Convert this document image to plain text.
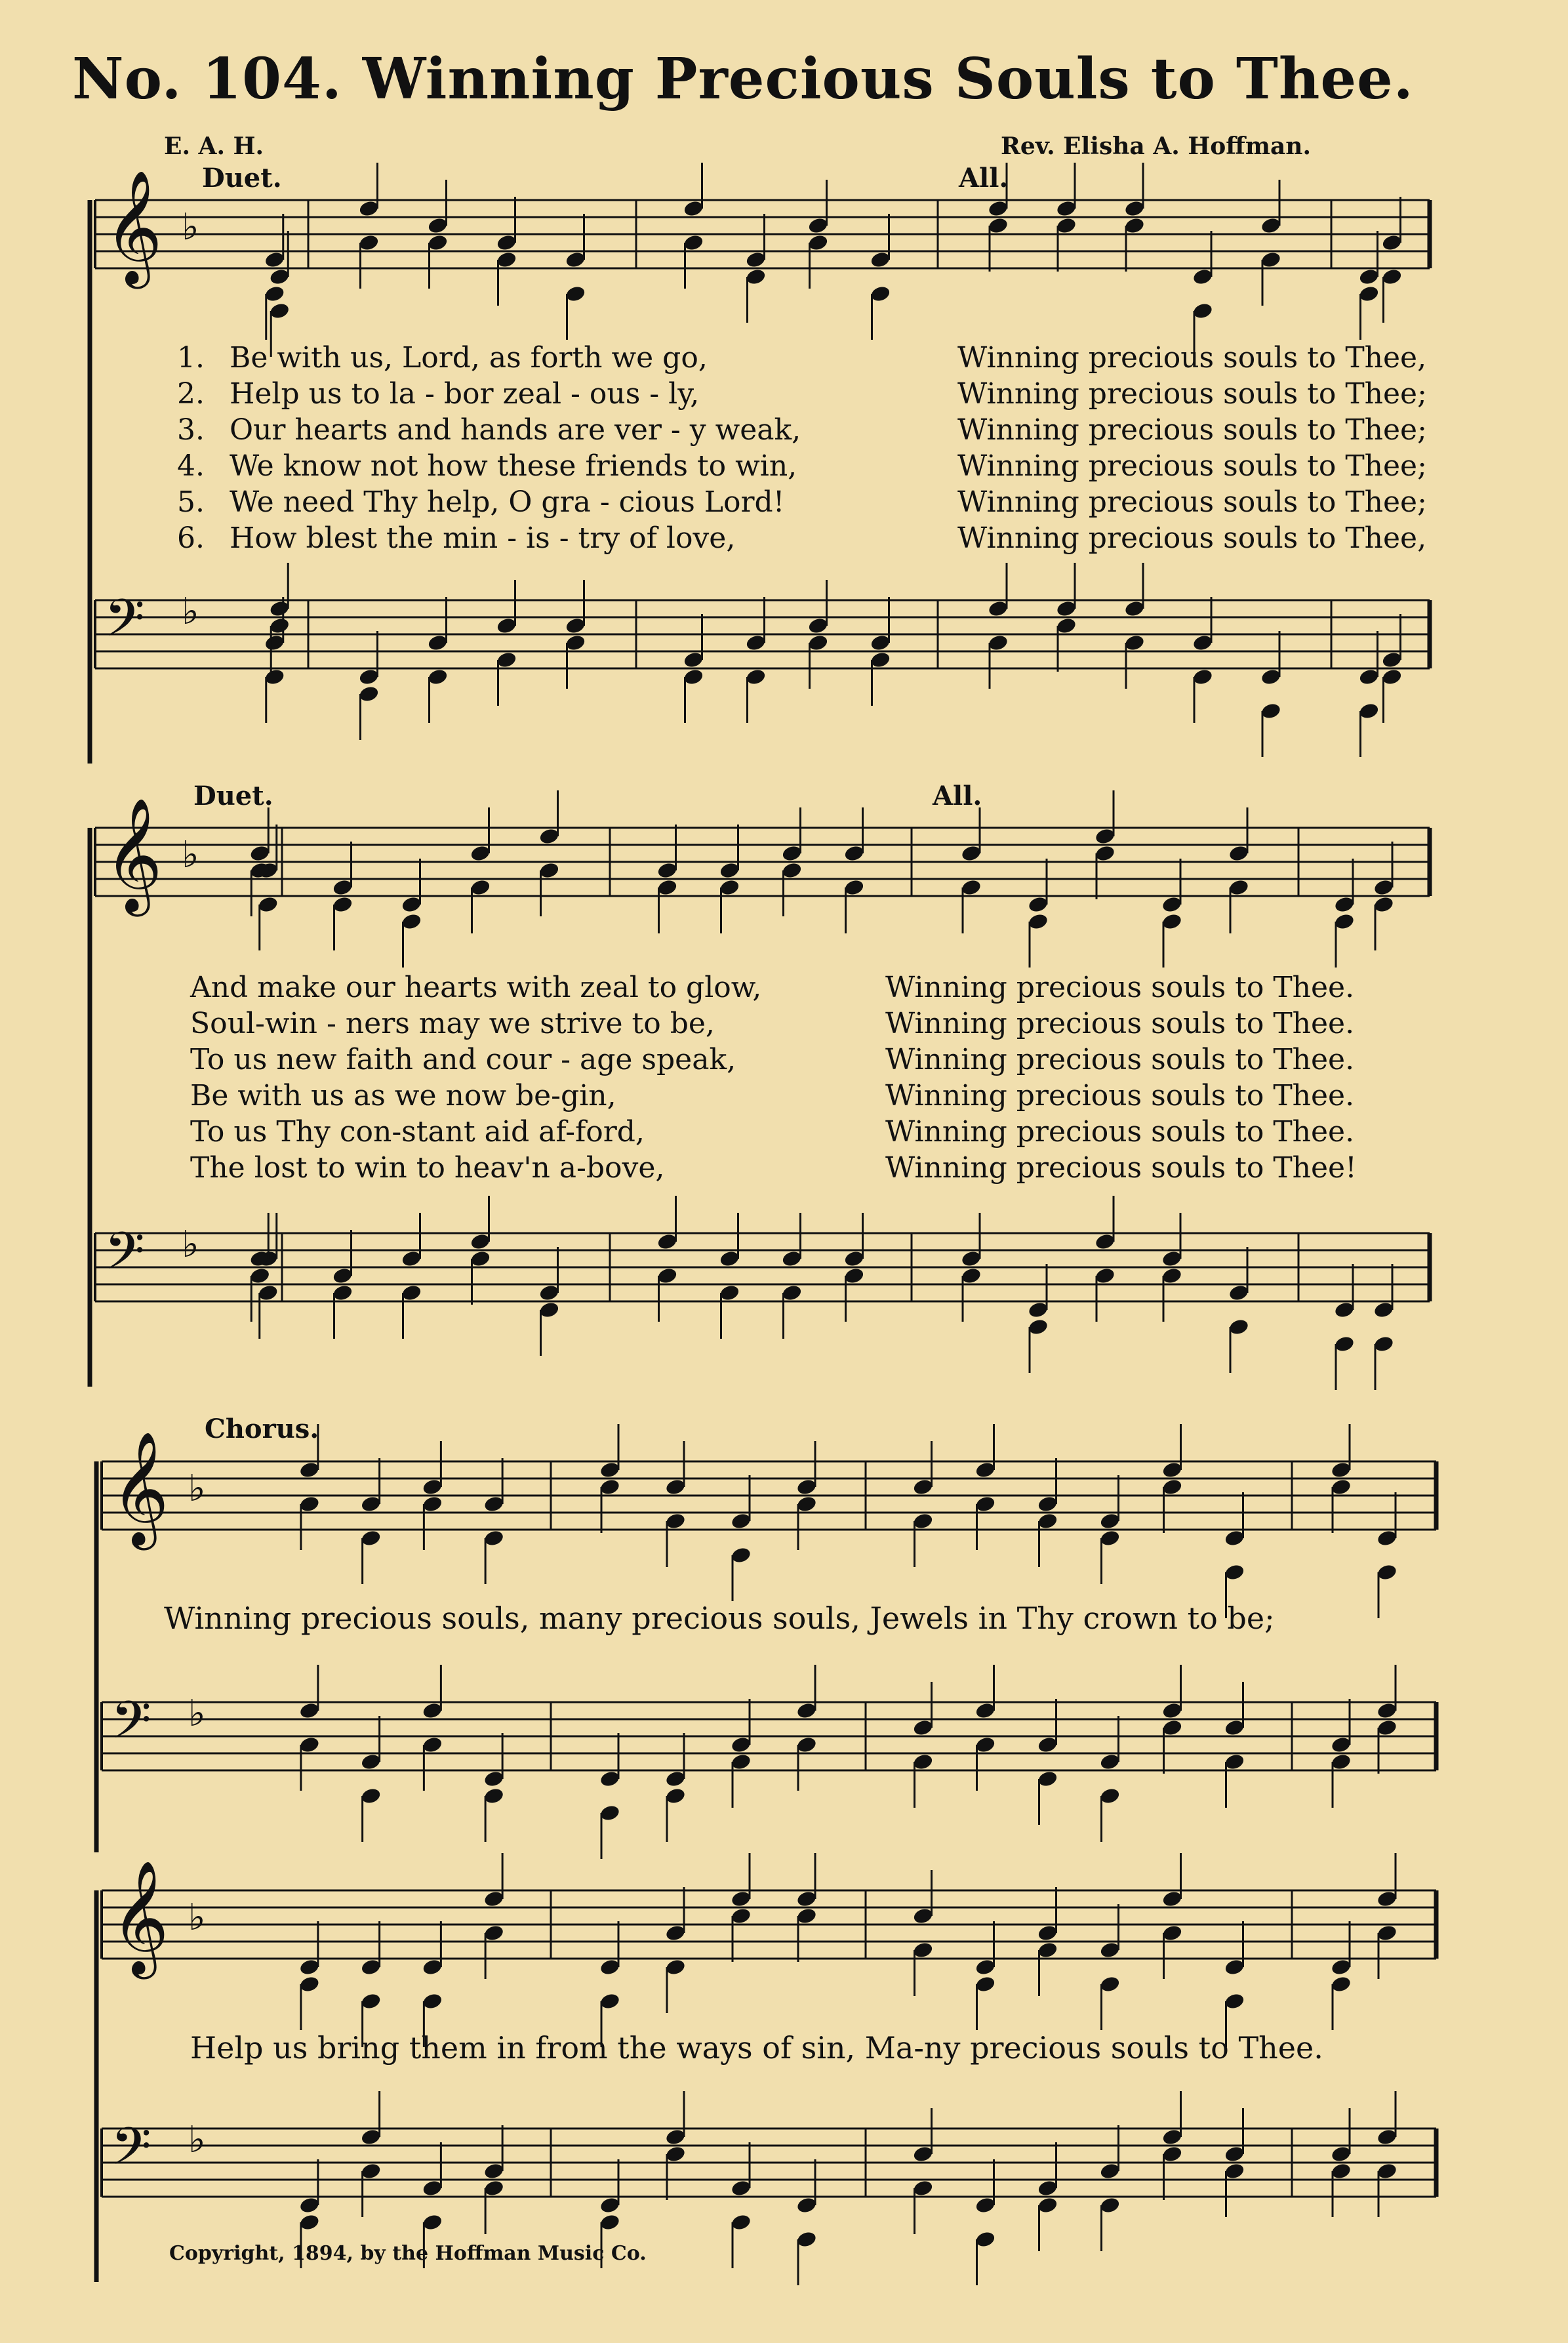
No. 104. Winning Precious Souls to Thee.
E. A. H.	Rev. Elisha A. Hoffman.
Duet.	All.
Duet.	All.
Chorus.
𝄞 ♭
𝄢 ♭
𝄞 ♭
𝄢 ♭
𝄞 ♭
𝄢 ♭
𝄞 ♭
𝄢 ♭
1. Be with us, Lord, as forth we go,	Winning precious souls to Thee,
2. Help us to la - bor zeal - ous - ly,	Winning precious souls to Thee;
3. Our hearts and hands are ver - y weak,	Winning precious souls to Thee;
4. We know not how these friends to win,	Winning precious souls to Thee;
5. We need Thy help, O gra - cious Lord!	Winning precious souls to Thee;
6. How blest the min - is - try of love,	Winning precious souls to Thee,
And make our hearts with zeal to glow,	Winning precious souls to Thee.
Soul-win - ners may we strive to be,	Winning precious souls to Thee.
To us new faith and cour - age speak,	Winning precious souls to Thee.
Be with us as we now be-gin,	Winning precious souls to Thee.
To us Thy con-stant aid af-ford,	Winning precious souls to Thee.
The lost to win to heav'n a-bove,	Winning precious souls to Thee!
Winning precious souls, many precious souls, Jewels in Thy crown to be;
Help us bring them in from the ways of sin, Ma-ny precious souls to Thee.
Copyright, 1894, by the Hoffman Music Co.
